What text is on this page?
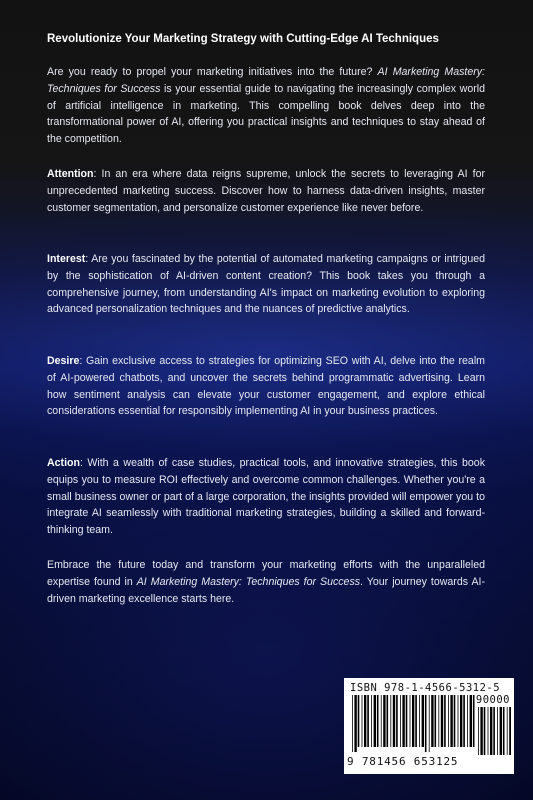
Revolutionize Your Marketing Strategy with Cutting-Edge AI Techniques

Are you ready to propel your marketing initiatives into the future? AI Marketing Mastery: Techniques for Success is your essential guide to navigating the increasingly complex world of artificial intelligence in marketing. This compelling book delves deep into the transformational power of AI, offering you practical insights and techniques to stay ahead of the competition.

Attention: In an era where data reigns supreme, unlock the secrets to leveraging AI for unprecedented marketing success. Discover how to harness data-driven insights, master customer segmentation, and personalize customer experience like never before.

Interest: Are you fascinated by the potential of automated marketing campaigns or intrigued by the sophistication of AI-driven content creation? This book takes you through a comprehensive journey, from understanding AI's impact on marketing evolution to exploring advanced personalization techniques and the nuances of predictive analytics.

Desire: Gain exclusive access to strategies for optimizing SEO with AI, delve into the realm of AI-powered chatbots, and uncover the secrets behind programmatic advertising. Learn how sentiment analysis can elevate your customer engagement, and explore ethical considerations essential for responsibly implementing AI in your business practices.

Action: With a wealth of case studies, practical tools, and innovative strategies, this book equips you to measure ROI effectively and overcome common challenges. Whether you're a small business owner or part of a large corporation, the insights provided will empower you to integrate AI seamlessly with traditional marketing strategies, building a skilled and forward-thinking team.

Embrace the future today and transform your marketing efforts with the unparalleled expertise found in AI Marketing Mastery: Techniques for Success. Your journey towards AI-driven marketing excellence starts here.

ISBN 978-1-4566-5312-5
90000
9 781456 653125
